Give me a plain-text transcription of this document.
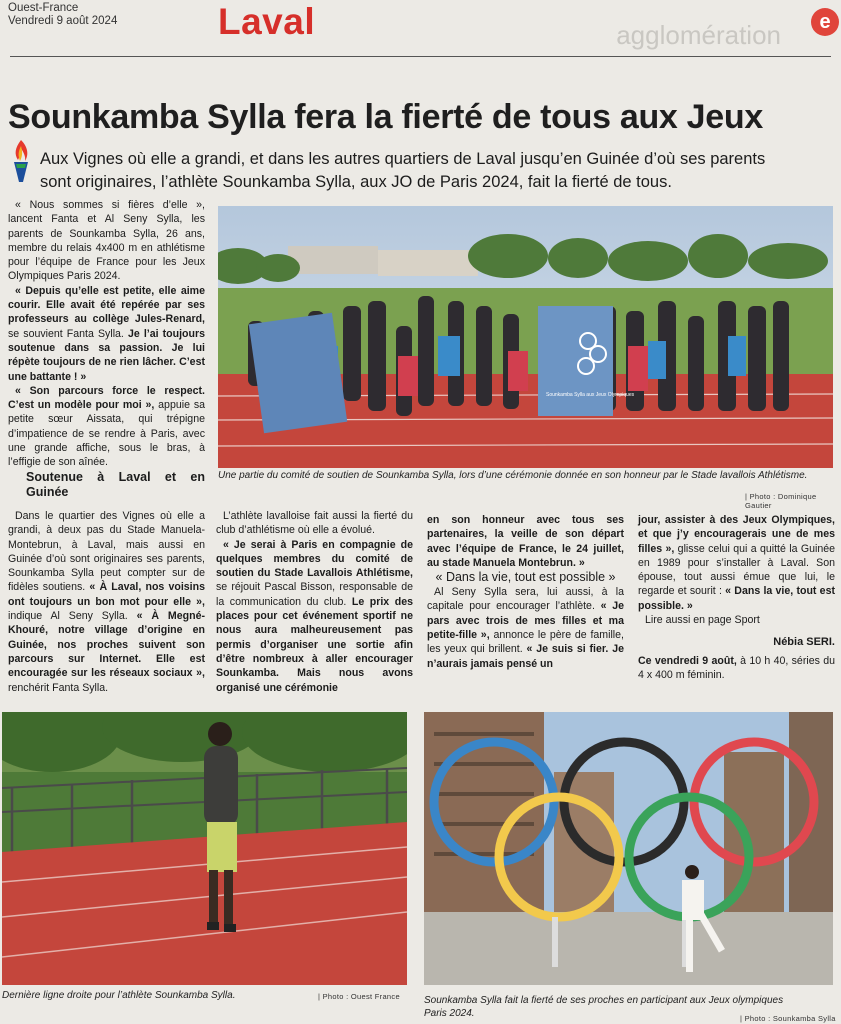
Ouest-France
Vendredi 9 août 2024	Laval	agglomération	e
Sounkamba Sylla fera la fierté de tous aux Jeux
Aux Vignes où elle a grandi, et dans les autres quartiers de Laval jusqu’en Guinée d’où ses parents sont originaires, l’athlète Sounkamba Sylla, aux JO de Paris 2024, fait la fierté de tous.

« Nous sommes si fières d’elle », lancent Fanta et Al Seny Sylla, les parents de Sounkamba Sylla, 26 ans, membre du relais 4x400 m en athlétisme pour l’équipe de France pour les Jeux Olympiques Paris 2024.

« Depuis qu’elle est petite, elle aime courir. Elle avait été repérée par ses professeurs au collège Jules-Renard, se souvient Fanta Sylla. Je l’ai toujours soutenue dans sa passion. Je lui répète toujours de ne rien lâcher. C’est une battante ! »

« Son parcours force le respect. C’est un modèle pour moi », appuie sa petite sœur Aissata, qui trépigne d’impatience de se rendre à Paris, avec une grande affiche, sous le bras, à l’effigie de son aînée.

Soutenue à Laval et en Guinée

Sounkamba Sylla aux Jeux Olympiques
Une partie du comité de soutien de Sounkamba Sylla, lors d’une cérémonie donnée en son honneur par le Stade lavallois Athlétisme.
| Photo : Dominique Gautier

Dans le quartier des Vignes où elle a grandi, à deux pas du Stade Manuela-Montebrun, à Laval, mais aussi en Guinée d’où sont originaires ses parents, Sounkamba Sylla peut compter sur de fidèles soutiens. « À Laval, nos voisins ont toujours un bon mot pour elle », indique Al Seny Sylla. « À Megné-Khouré, notre village d’origine en Guinée, nos proches suivent son parcours sur Internet. Elle est encouragée sur les réseaux sociaux », renchérit Fanta Sylla.

L’athlète lavalloise fait aussi la fierté du club d’athlétisme où elle a évolué.

« Je serai à Paris en compagnie de quelques membres du comité de soutien du Stade Lavallois Athlétisme, se réjouit Pascal Bisson, responsable de la communication du club. Le prix des places pour cet événement sportif ne nous aura malheureusement pas permis d’organiser une sortie afin d’être nombreux à aller encourager Sounkamba. Mais nous avons organisé une cérémonie

en son honneur avec tous ses partenaires, la veille de son départ avec l’équipe de France, le 24 juillet, au stade Manuela Montebrun. »

« Dans la vie, tout est possible »

Al Seny Sylla sera, lui aussi, à la capitale pour encourager l’athlète. « Je pars avec trois de mes filles et ma petite-fille », annonce le père de famille, les yeux qui brillent. « Je suis si fier. Je n’aurais jamais pensé un

jour, assister à des Jeux Olympiques, et que j’y encouragerais une de mes filles », glisse celui qui a quitté la Guinée en 1989 pour s’installer à Laval. Son épouse, tout aussi émue que lui, le regarde et sourit : « Dans la vie, tout est possible. »

Lire aussi en page Sport

Nébia SERI.

Ce vendredi 9 août, à 10 h 40, séries du 4 x 400 m féminin.

Dernière ligne droite pour l’athlète Sounkamba Sylla.	| Photo : Ouest France Sounkamba Sylla fait la fierté de ses proches en participant aux Jeux olympiques Paris 2024.	| Photo : Sounkamba Sylla
